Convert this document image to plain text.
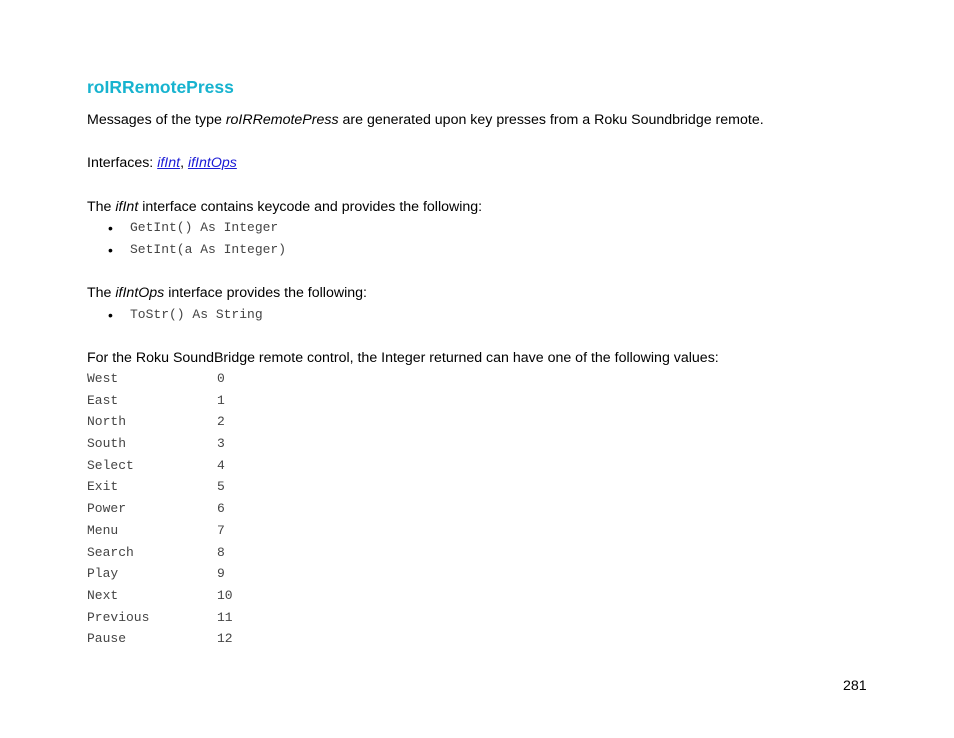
roIRRemotePress

Messages of the type roIRRemotePress are generated upon key presses from a Roku Soundbridge remote.

Interfaces: ifInt, ifIntOps

The ifInt interface contains keycode and provides the following:

• GetInt() As Integer
• SetInt(a As Integer)

The ifIntOps interface provides the following:

• ToStr() As String

For the Roku SoundBridge remote control, the Integer returned can have one of the following values:

West	0
East	1
North	2
South	3
Select	4
Exit	5
Power	6
Menu	7
Search	8
Play	9
Next	10
Previous	11
Pause	12
281
